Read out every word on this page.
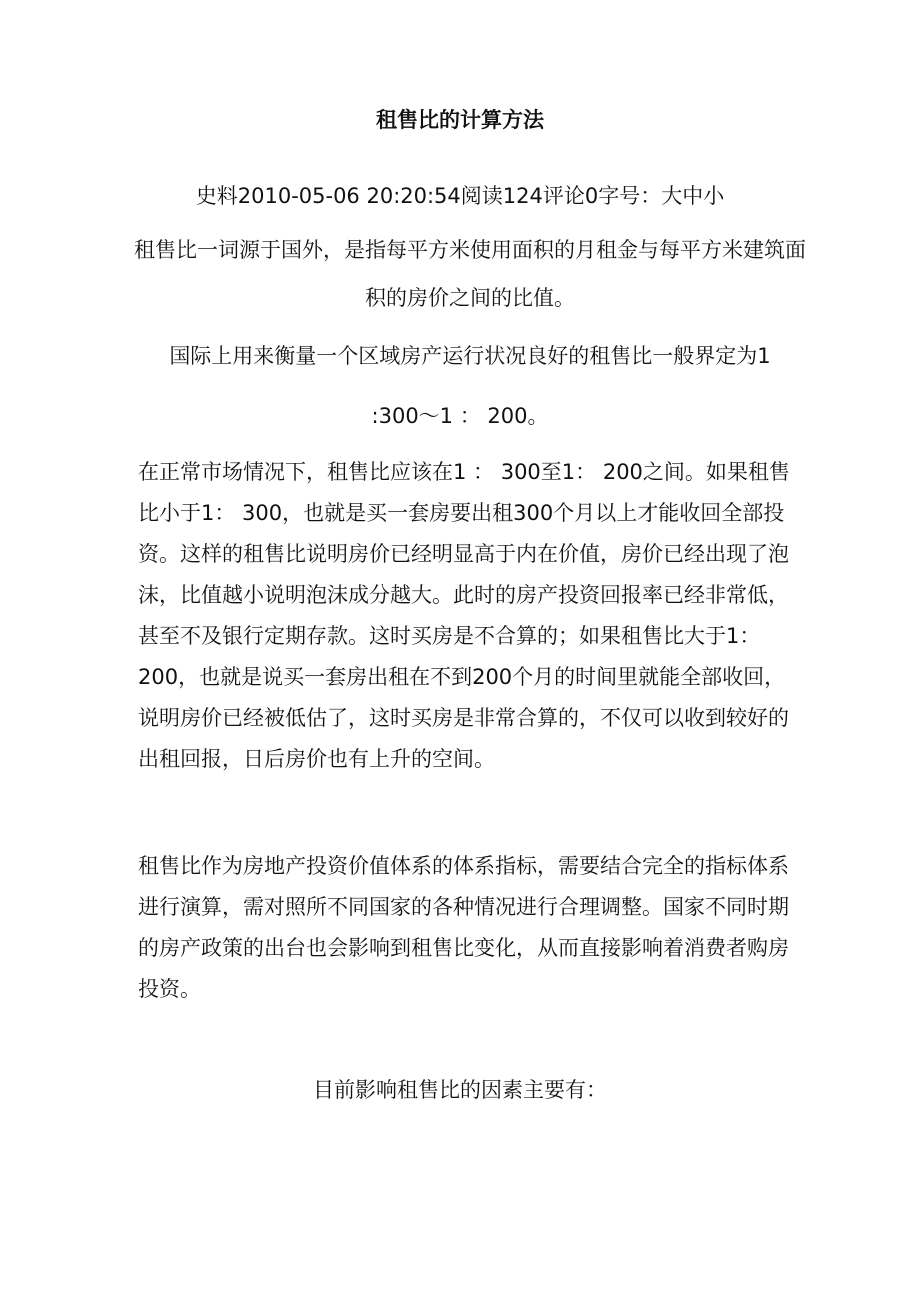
租售比的计算方法
史料2010-05-06 20:20:54阅读124评论0字号：大中小
租售比一词源于国外，是指每平方米使用面积的月租金与每平方米建筑面积的房价之间的比值。
国际上用来衡量一个区域房产运行状况良好的租售比一般界定为1
:300〜1 ： 200。
在正常市场情况下，租售比应该在1 ： 300至1： 200之间。如果租售比小于1： 300，也就是买一套房要出租300个月以上才能收回全部投资。这样的租售比说明房价已经明显高于内在价值，房价已经出现了泡沫，比值越小说明泡沫成分越大。此时的房产投资回报率已经非常低，甚至不及银行定期存款。这时买房是不合算的；如果租售比大于1： 200，也就是说买一套房出租在不到200个月的时间里就能全部收回，说明房价已经被低估了，这时买房是非常合算的，不仅可以收到较好的出租回报，日后房价也有上升的空间。
租售比作为房地产投资价值体系的体系指标，需要结合完全的指标体系进行演算，需对照所不同国家的各种情况进行合理调整。国家不同时期的房产政策的出台也会影响到租售比变化，从而直接影响着消费者购房投资。
目前影响租售比的因素主要有：
